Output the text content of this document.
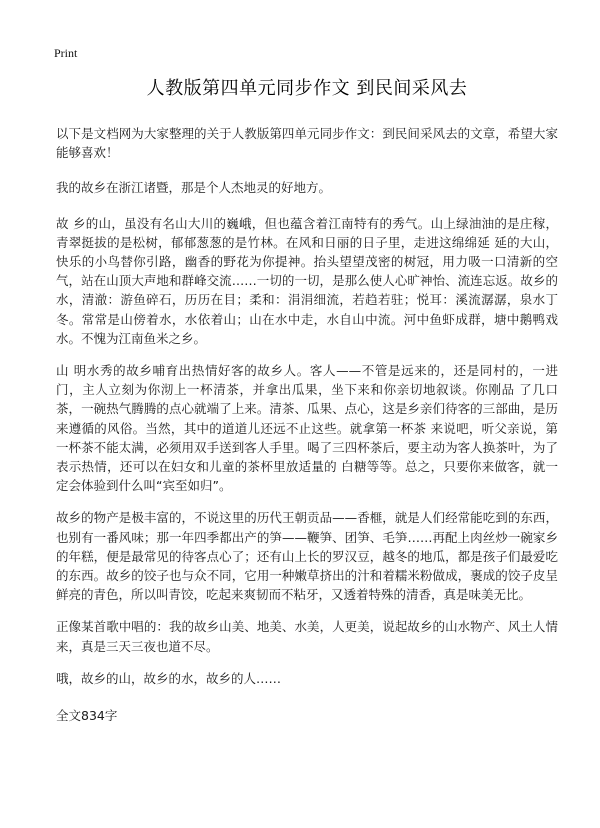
Print
人教版第四单元同步作文 到民间采风去

以下是文档网为大家整理的关于人教版第四单元同步作文：到民间采风去的文章，希望大家能够喜欢！

我的故乡在浙江诸暨，那是个人杰地灵的好地方。

故 乡的山，虽没有名山大川的巍峨，但也蕴含着江南特有的秀气。山上绿油油的是庄稼，青翠挺拔的是松树，郁郁葱葱的是竹林。在风和日丽的日子里，走进这绵绵延 延的大山，快乐的小鸟替你引路，幽香的野花为你提神。抬头望望茂密的树冠，用力吸一口清新的空气，站在山顶大声地和群峰交流……一切的一切，是那么使人心旷神怡、流连忘返。故乡的水，清澈：游鱼碎石，历历在目；柔和：涓涓细流，若趋若驻；悦耳：溪流潺潺，泉水丁冬。常常是山傍着水，水依着山；山在水中走，水自山中流。河中鱼虾成群，塘中鹅鸭戏水。不愧为江南鱼米之乡。

山 明水秀的故乡哺育出热情好客的故乡人。客人——不管是远来的，还是同村的，一进门，主人立刻为你沏上一杯清茶，并拿出瓜果，坐下来和你亲切地叙谈。你刚品 了几口茶，一碗热气腾腾的点心就端了上来。清茶、瓜果、点心，这是乡亲们待客的三部曲，是历来遵循的风俗。当然，其中的道道儿还远不止这些。就拿第一杯茶 来说吧，听父亲说，第一杯茶不能太满，必须用双手送到客人手里。喝了三四杯茶后，要主动为客人换茶叶，为了表示热情，还可以在妇女和儿童的茶杯里放适量的 白糖等等。总之，只要你来做客，就一定会体验到什么叫“宾至如归”。

故乡的物产是极丰富的，不说这里的历代王朝贡品——香榧，就是人们经常能吃到的东西，也别有一番风味；那一年四季都出产的笋——鞭笋、团笋、毛笋……再配上肉丝炒一碗家乡的年糕，便是最常见的待客点心了；还有山上长的罗汉豆，越冬的地瓜，都是孩子们最爱吃的东西。故乡的饺子也与众不同，它用一种嫩草挤出的汁和着糯米粉做成，裹成的饺子皮呈鲜亮的青色，所以叫青饺，吃起来爽韧而不粘牙，又透着特殊的清香，真是味美无比。

正像某首歌中唱的：我的故乡山美、地美、水美，人更美，说起故乡的山水物产、风土人情来，真是三天三夜也道不尽。

哦，故乡的山，故乡的水，故乡的人……

全文834字
